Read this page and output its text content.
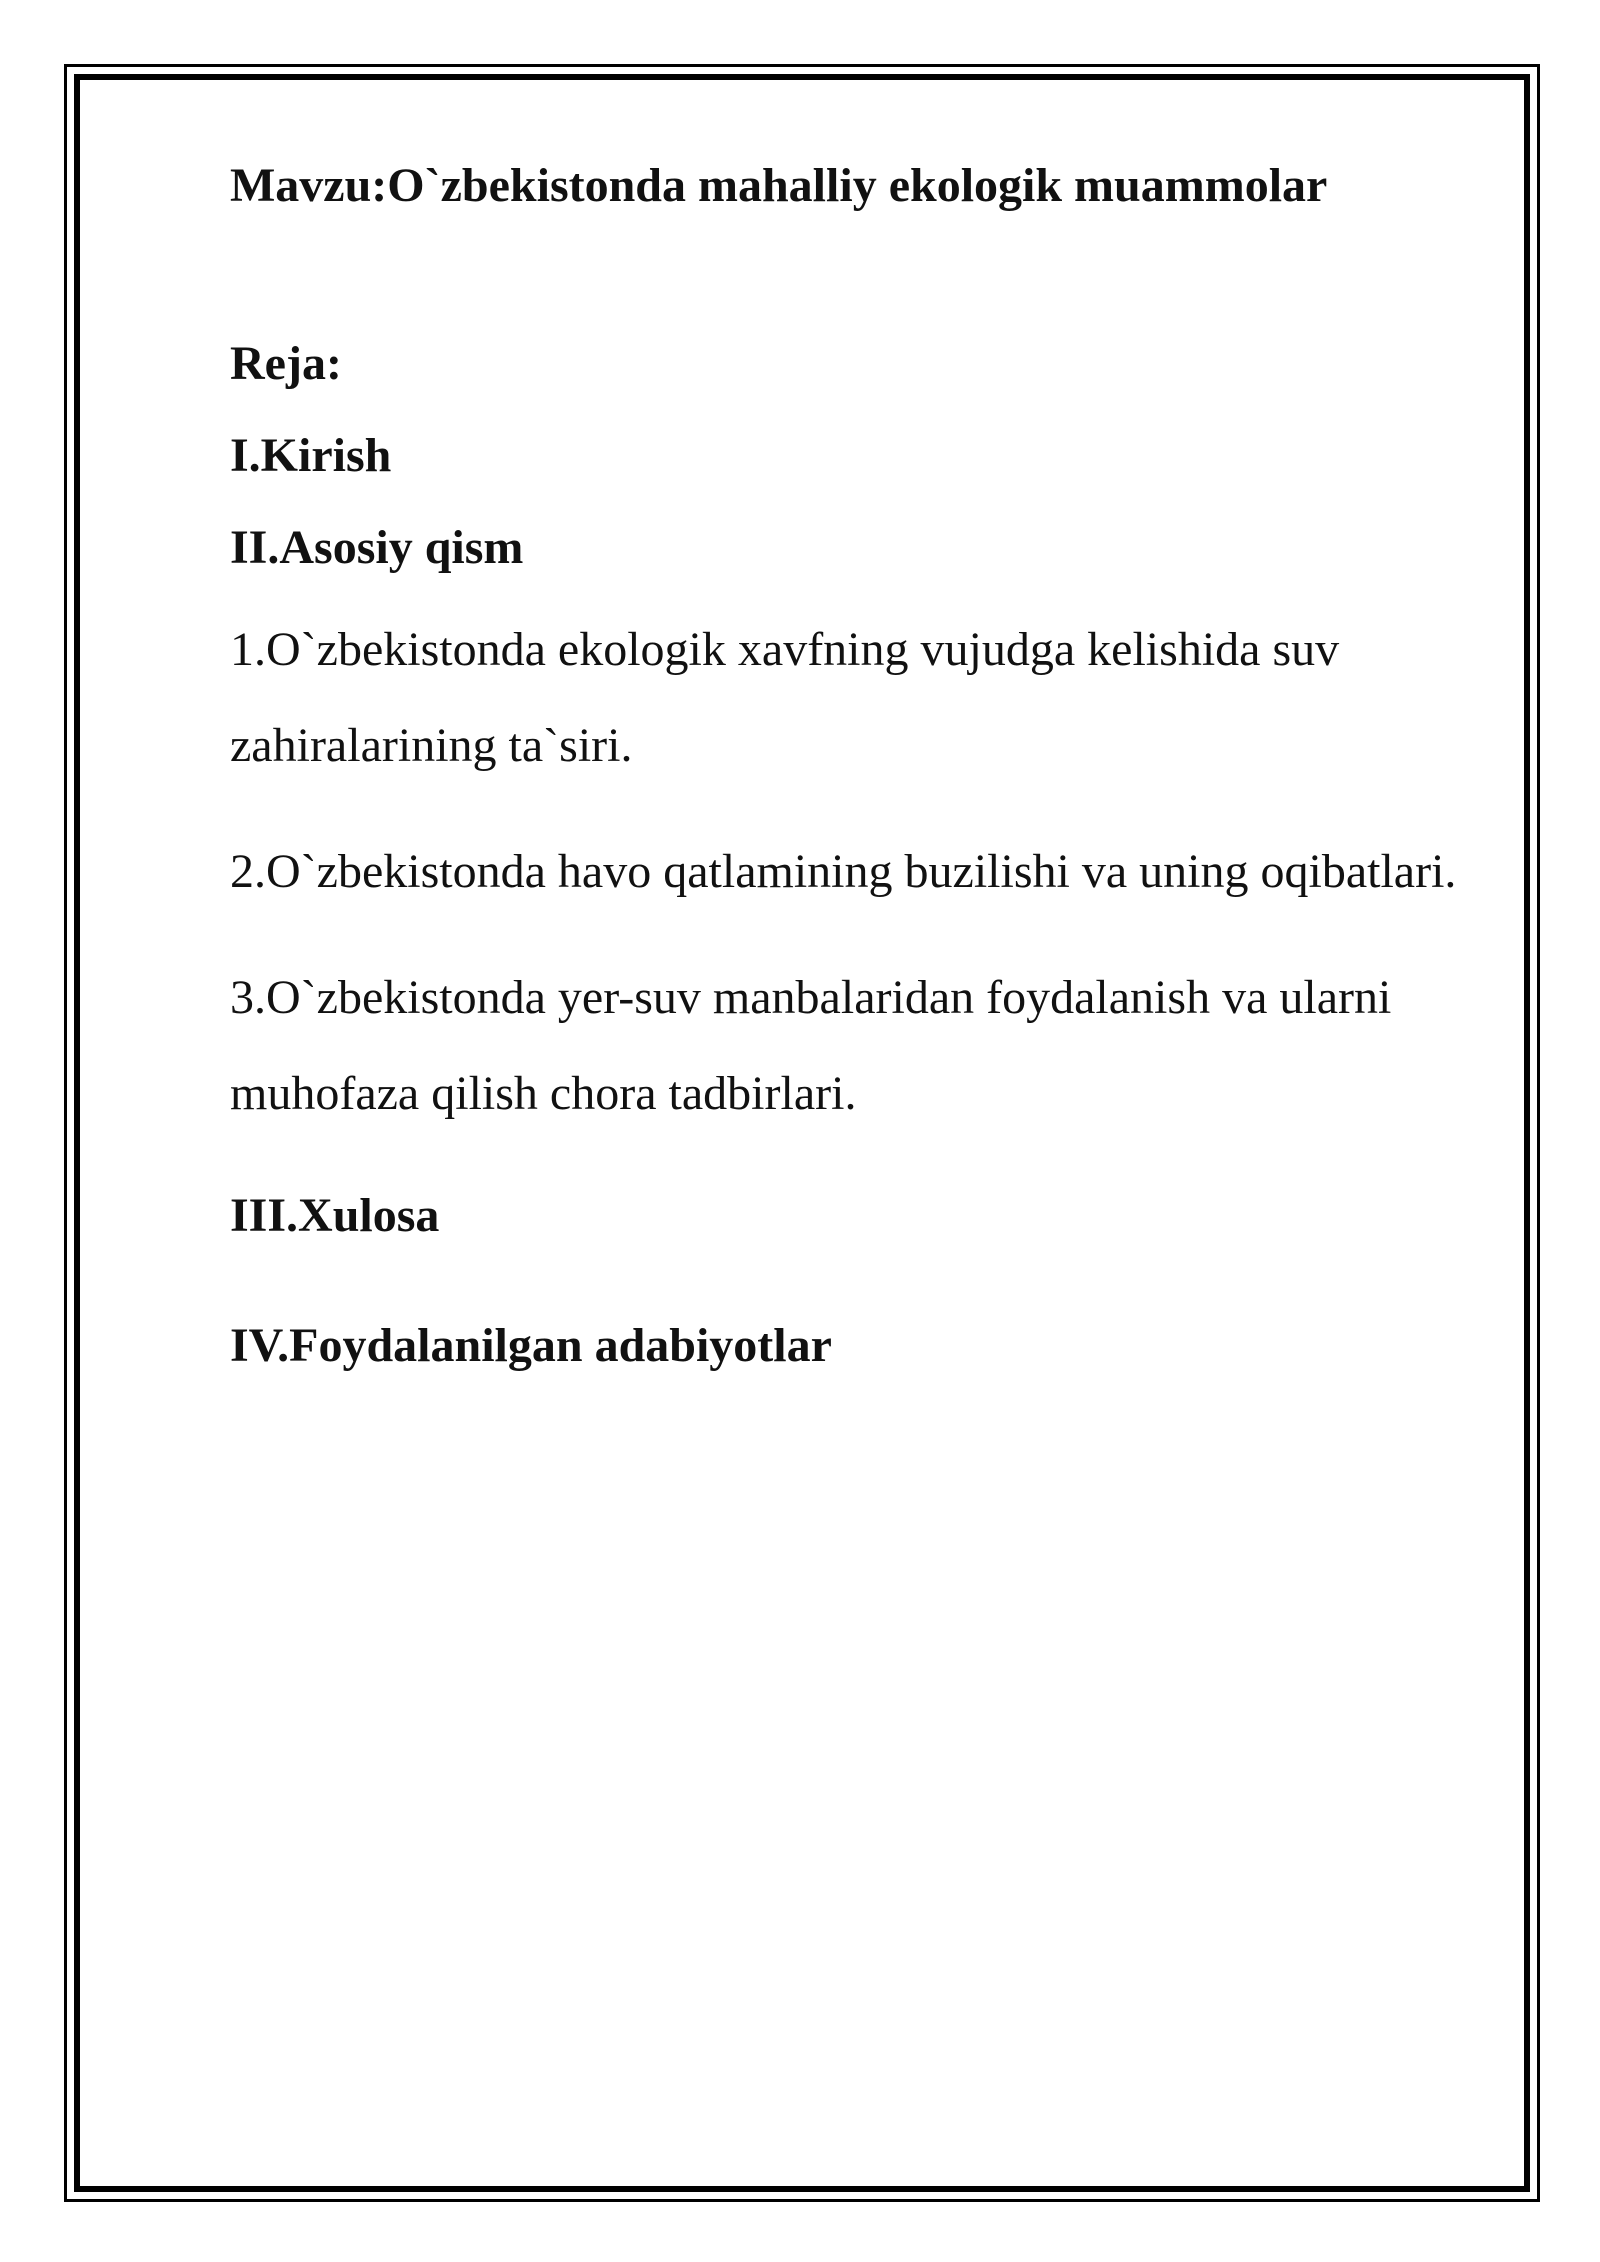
Mavzu:O`zbekistonda mahalliy ekologik muammolar

Reja:

I.Kirish

II.Asosiy qism

1.O`zbekistonda ekologik xavfning vujudga kelishida suv zahiralarining ta`siri.

2.O`zbekistonda havo qatlamining buzilishi va uning oqibatlari.

3.O`zbekistonda yer-suv manbalaridan foydalanish va ularni muhofaza qilish chora tadbirlari.

III.Xulosa

IV.Foydalanilgan adabiyotlar
